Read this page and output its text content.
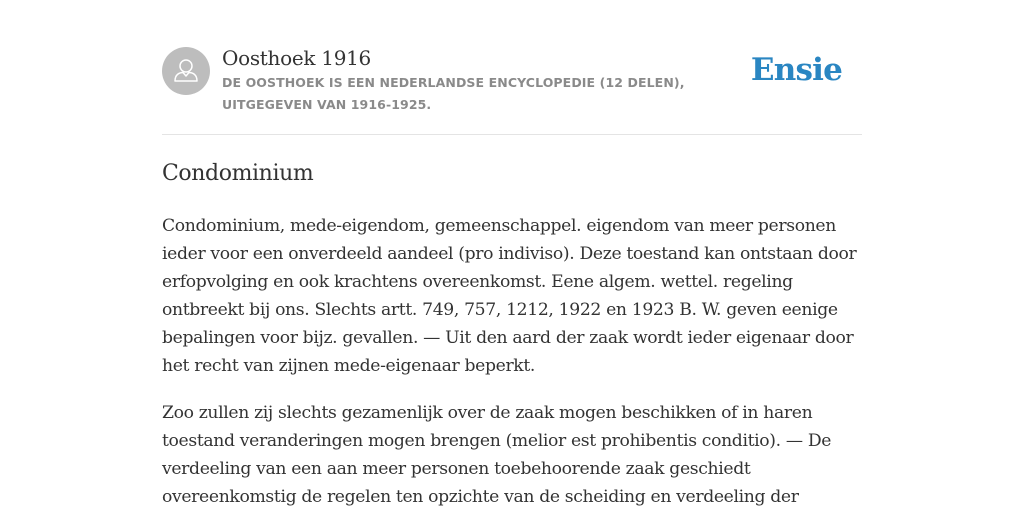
Oosthoek 1916
DE OOSTHOEK IS EEN NEDERLANDSE ENCYCLOPEDIE (12 DELEN), UITGEGEVEN VAN 1916-1925.
Ensie
Condominium

Condominium, mede-eigendom, gemeenschappel. eigendom van meer personen ieder voor een onverdeeld aandeel (pro indiviso). Deze toestand kan ontstaan door erfopvolging en ook krachtens overeenkomst. Eene algem. wettel. regeling ontbreekt bij ons. Slechts artt. 749, 757, 1212, 1922 en 1923 B. W. geven eenige bepalingen voor bijz. gevallen. — Uit den aard der zaak wordt ieder eigenaar door het recht van zijnen mede-eigenaar beperkt.

Zoo zullen zij slechts gezamenlijk over de zaak mogen beschikken of in haren toestand veranderingen mogen brengen (melior est prohibentis conditio). — De verdeeling van een aan meer personen toebehoorende zaak geschiedt overeenkomstig de regelen ten opzichte van de scheiding en verdeeling der
